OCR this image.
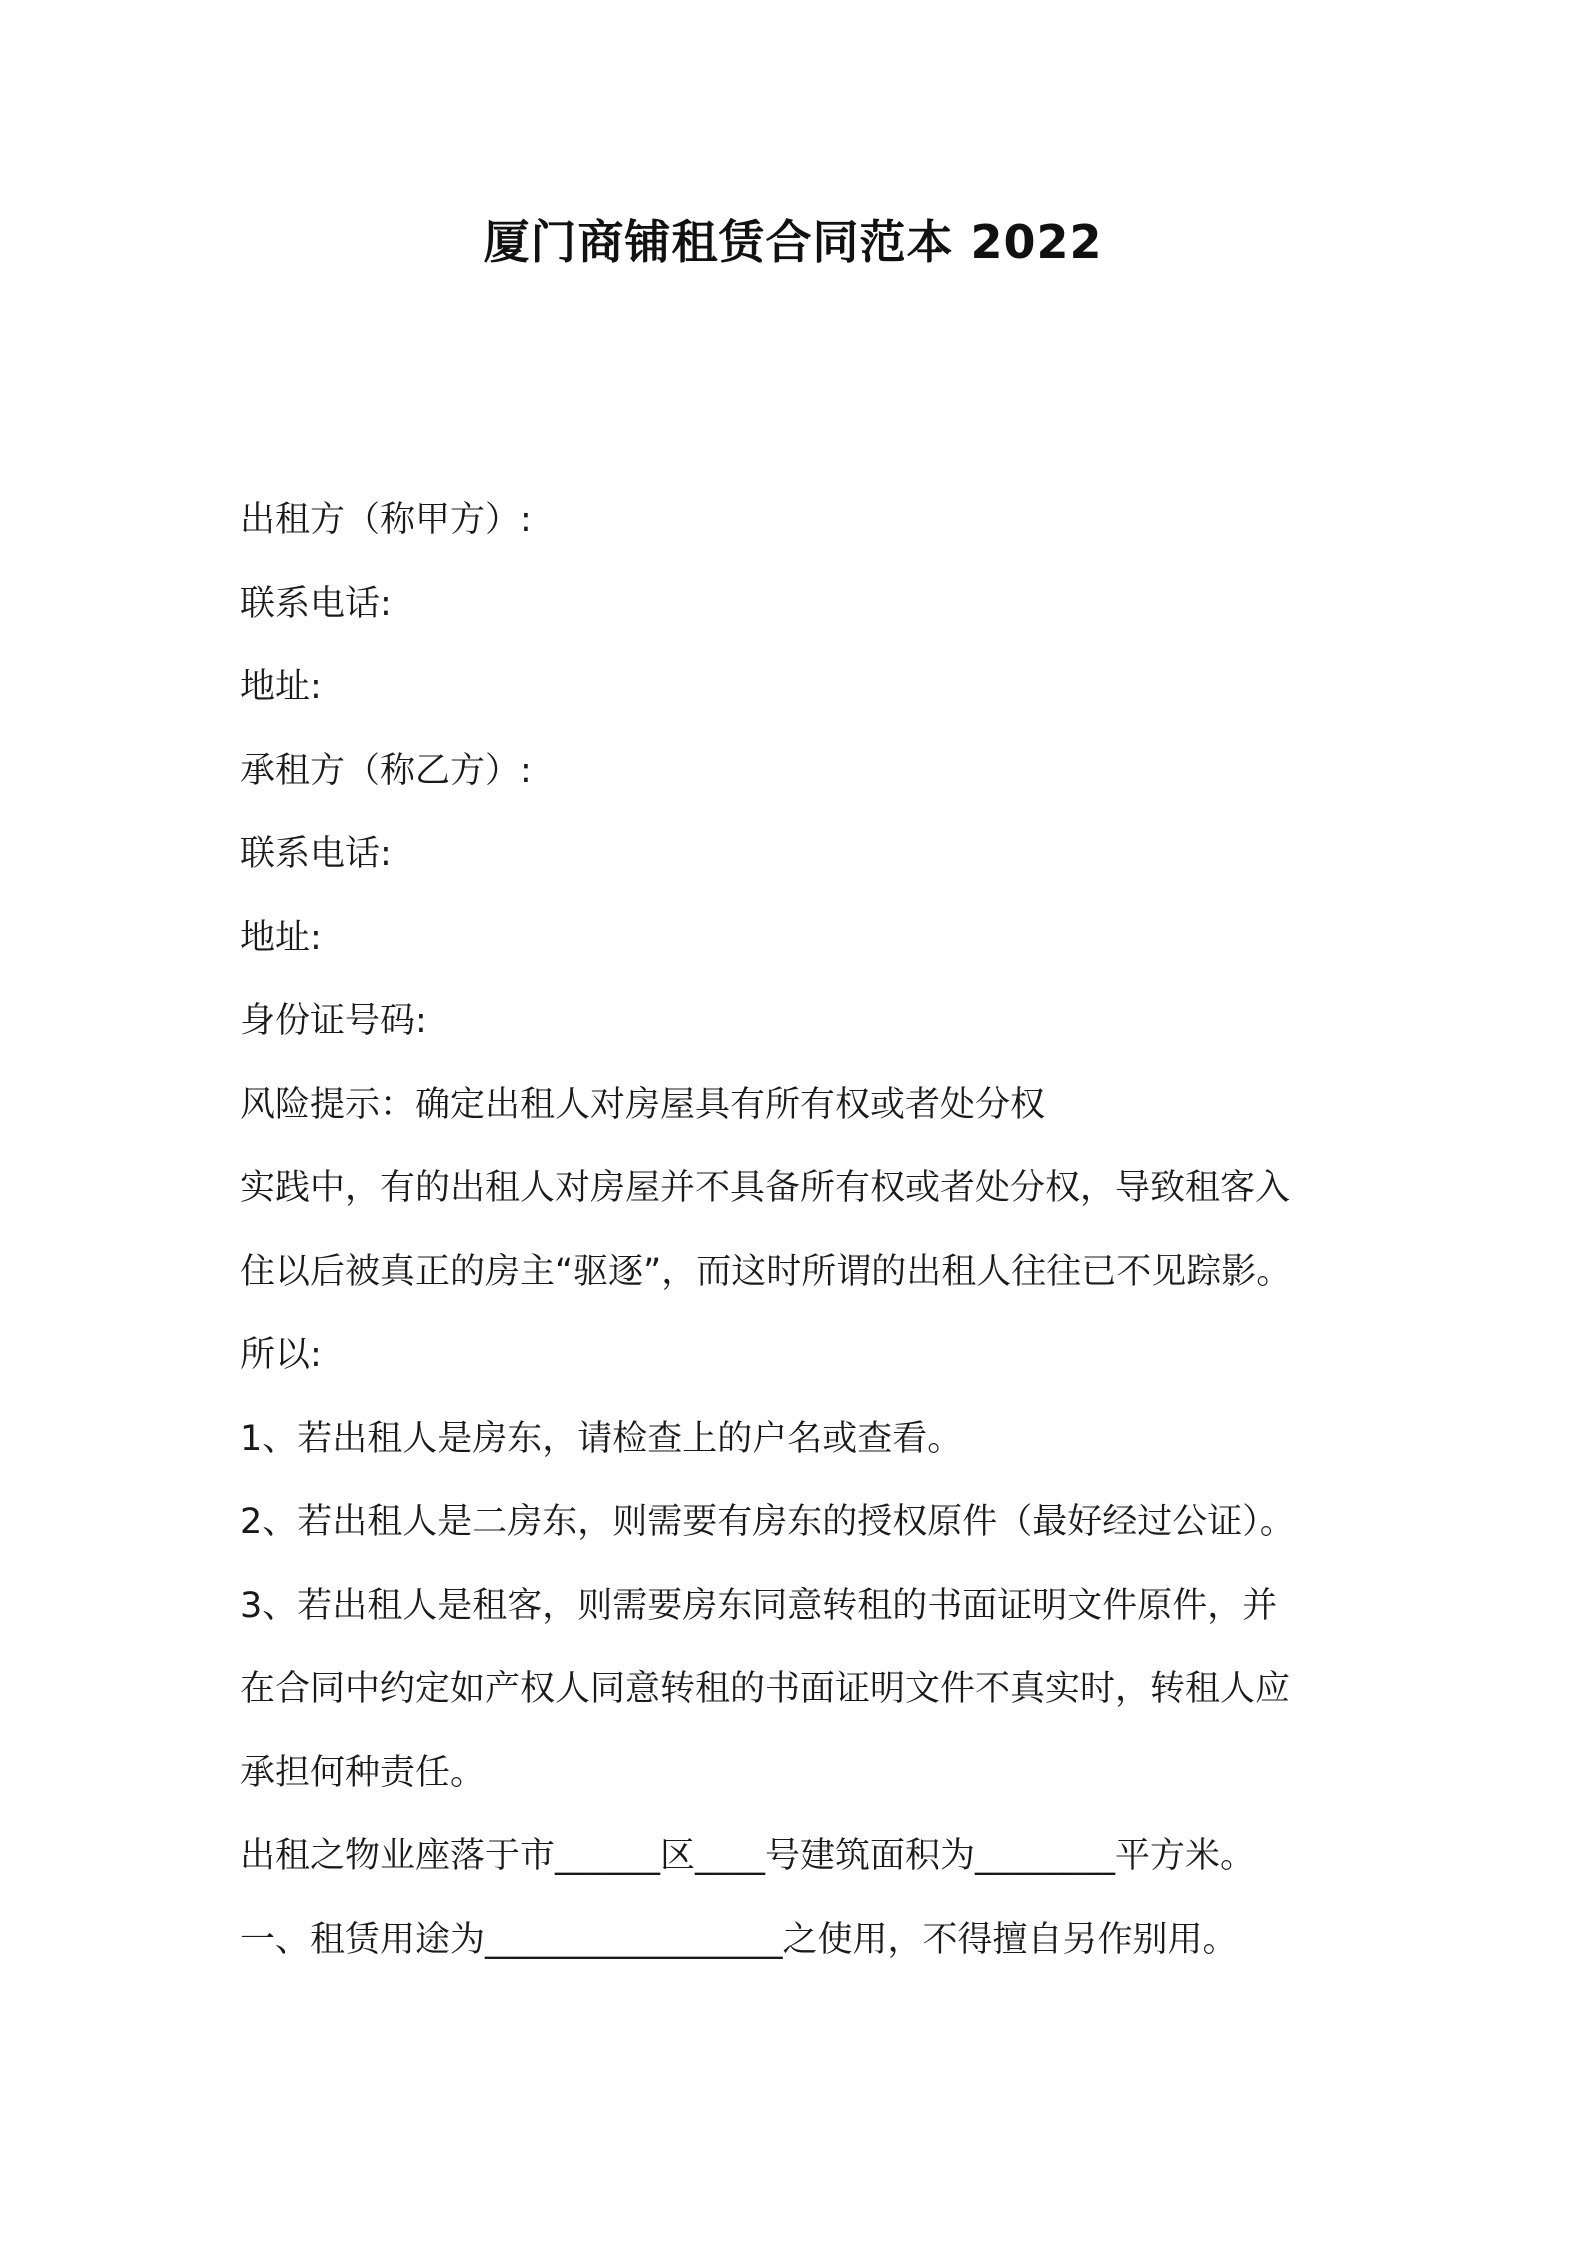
厦门商铺租赁合同范本 2022
出租方（称甲方）:
联系电话:
地址:
承租方（称乙方）:
联系电话:
地址:
身份证号码:
风险提示：确定出租人对房屋具有所有权或者处分权
实践中，有的出租人对房屋并不具备所有权或者处分权，导致租客入
住以后被真正的房主“驱逐”，而这时所谓的出租人往往已不见踪影。
所以:
1、若出租人是房东，请检查上的户名或查看。
2、若出租人是二房东，则需要有房东的授权原件（最好经过公证）。
3、若出租人是租客，则需要房东同意转租的书面证明文件原件，并
在合同中约定如产权人同意转租的书面证明文件不真实时，转租人应
承担何种责任。
出租之物业座落于市______区____号建筑面积为________平方米。
一、租赁用途为_________________之使用，不得擅自另作别用。
